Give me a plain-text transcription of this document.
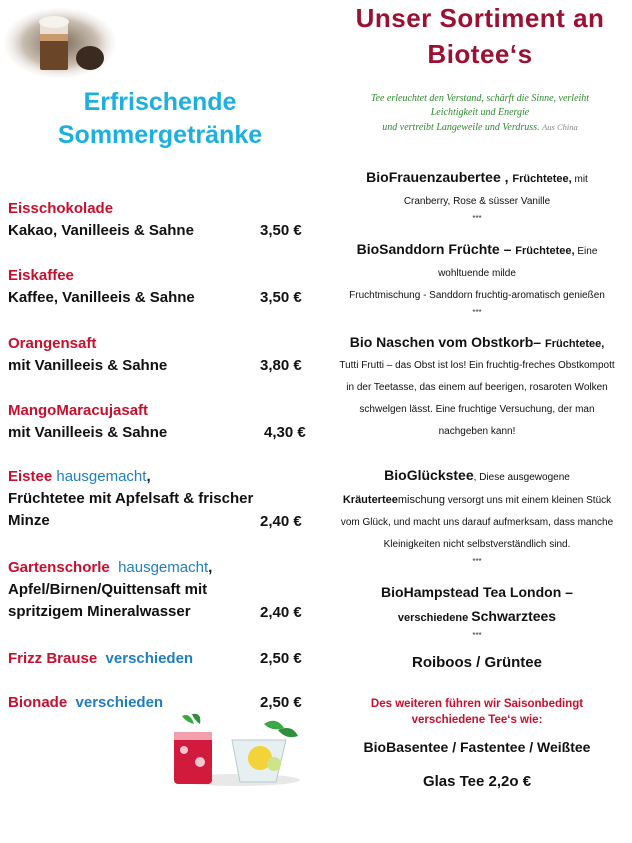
Erfrischende
Sommergetränke
Eisschokolade
Kakao, Vanilleeis & Sahne	3,50 €
Eiskaffee
Kaffee, Vanilleeis & Sahne	3,50 €
Orangensaft
mit Vanilleeis & Sahne	3,80 €
MangoMaracujasaft
mit Vanilleeis & Sahne	4,30 €
Eistee hausgemacht,
Früchtetee mit Apfelsaft & frischer
Minze	2,40 €
Gartenschorle hausgemacht,
Apfel/Birnen/Quittensaft mit
spritzigem Mineralwasser	2,40 €
Frizz Brause verschieden	2,50 €
Bionade verschieden	2,50 €
Unser Sortiment an
Biotee‘s
Tee erleuchtet den Verstand, schärft die Sinne, verleiht
Leichtigkeit und Energie
und vertreibt Langeweile und Verdruss. Aus China
BioFrauenzaubertee , Früchtetee, mit
Cranberry, Rose & süsser Vanille
***
BioSanddorn Früchte – Früchtetee, Eine
wohltuende milde
Fruchtmischung - Sanddorn fruchtig-aromatisch genießen
***
Bio Naschen vom Obstkorb– Früchtetee,
Tutti Frutti – das Obst ist los! Ein fruchtig-freches Obstkompott
in der Teetasse, das einem auf beerigen, rosaroten Wolken
schwelgen lässt. Eine fruchtige Versuchung, der man
nachgeben kann!
BioGlückstee, Diese ausgewogene
Kräuterteemischung versorgt uns mit einem kleinen Stück
vom Glück, und macht uns darauf aufmerksam, dass manche
Kleinigkeiten nicht selbstverständlich sind.
***
BioHampstead Tea London –
verschiedene Schwarztees
***
Roiboos / Grüntee
Des weiteren führen wir Saisonbedingt
verschiedene Tee‘s wie:
BioBasentee / Fastentee / Weißtee
Glas Tee 2,2o €
